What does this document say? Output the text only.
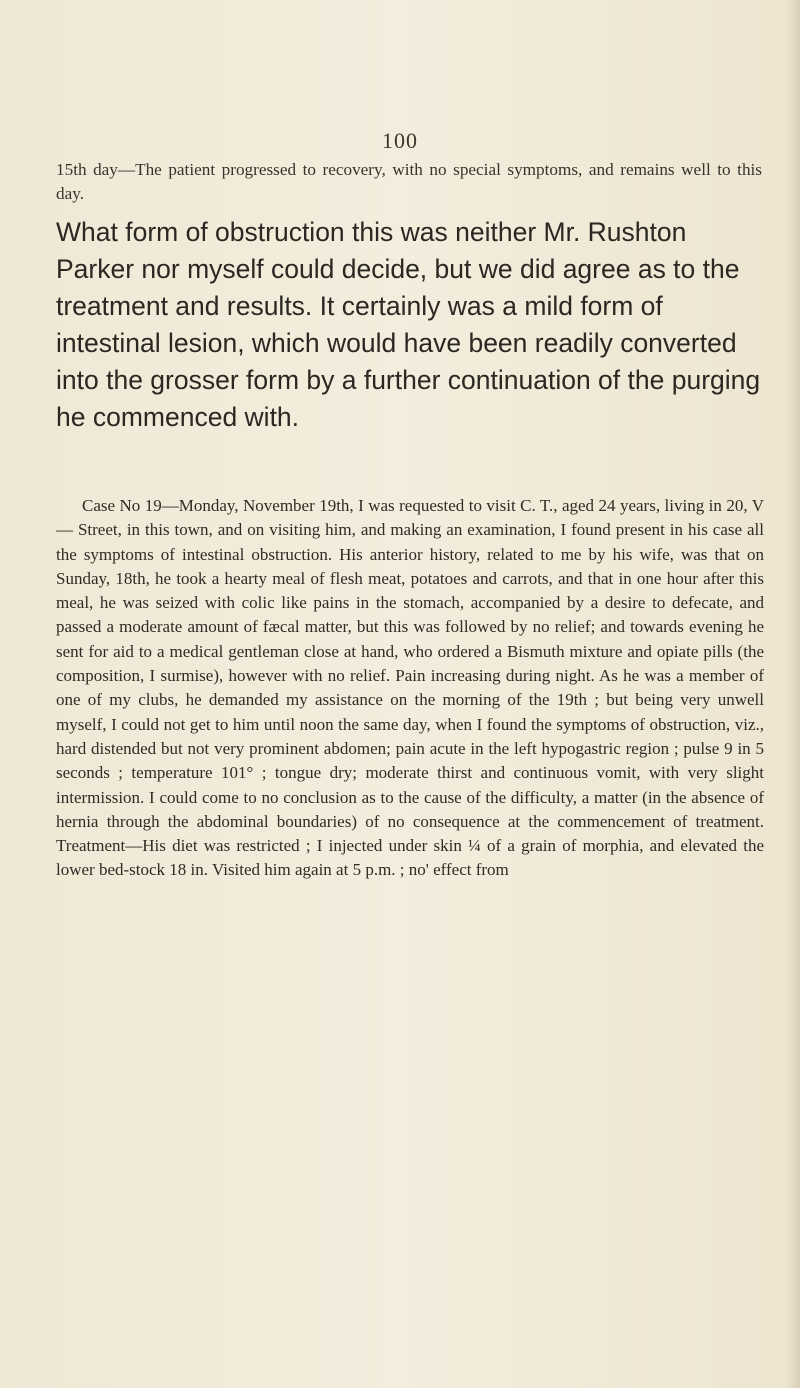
100

15th day—The patient progressed to recovery, with no special symptoms, and remains well to this day.

What form of obstruction this was neither Mr. Rushton Parker nor myself could decide, but we did agree as to the treatment and results. It certainly was a mild form of intestinal lesion, which would have been readily converted into the grosser form by a further continuation of the purging he commenced with.

Case No 19—Monday, November 19th, I was requested to visit C. T., aged 24 years, living in 20, V— Street, in this town, and on visiting him, and making an examination, I found present in his case all the symptoms of intestinal obstruction. His anterior history, related to me by his wife, was that on Sunday, 18th, he took a hearty meal of flesh meat, potatoes and carrots, and that in one hour after this meal, he was seized with colic like pains in the stomach, accompanied by a desire to defecate, and passed a moderate amount of fæcal matter, but this was followed by no relief; and towards evening he sent for aid to a medical gentleman close at hand, who ordered a Bismuth mixture and opiate pills (the composition, I surmise), however with no relief. Pain increasing during night. As he was a member of one of my clubs, he demanded my assistance on the morning of the 19th ; but being very unwell myself, I could not get to him until noon the same day, when I found the symptoms of obstruction, viz., hard distended but not very prominent abdomen; pain acute in the left hypogastric region ; pulse 9 in 5 seconds ; temperature 101° ; tongue dry; moderate thirst and continuous vomit, with very slight intermission. I could come to no conclusion as to the cause of the difficulty, a matter (in the absence of hernia through the abdominal boundaries) of no consequence at the commencement of treatment. Treatment—His diet was restricted ; I injected under skin ¼ of a grain of morphia, and elevated the lower bed-stock 18 in. Visited him again at 5 p.m. ; no' effect from
